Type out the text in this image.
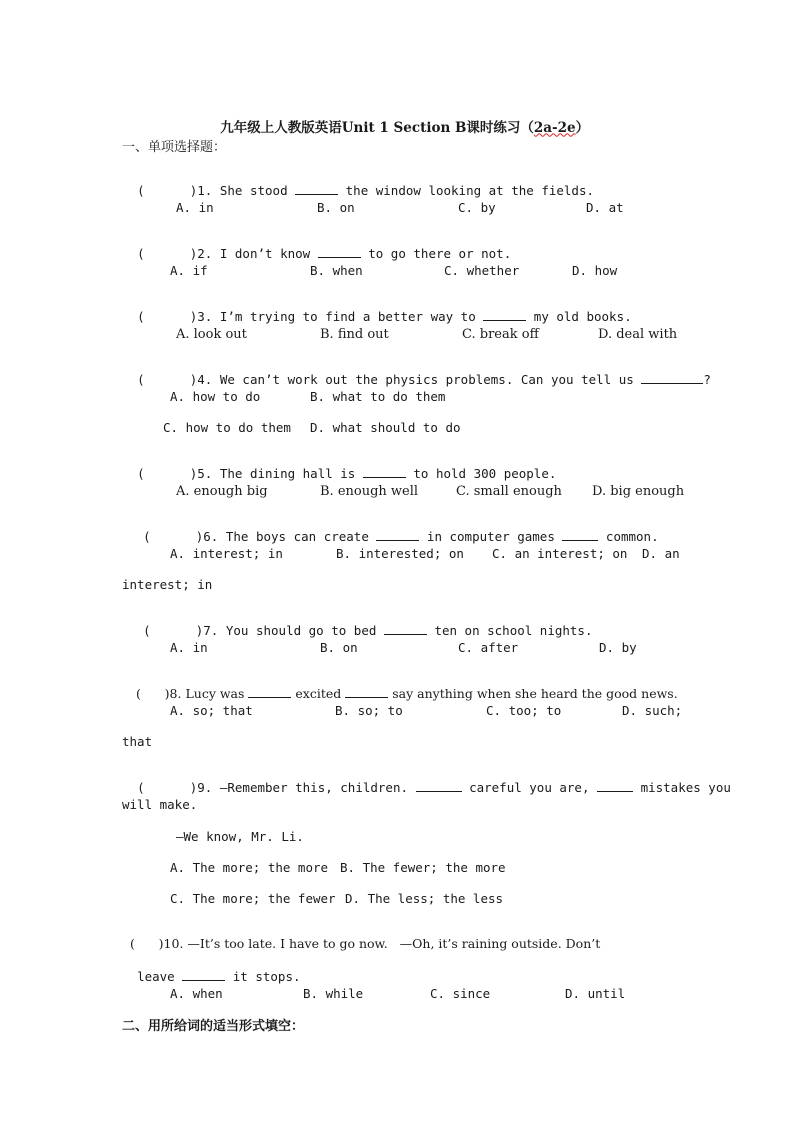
九年级上人教版英语Unit 1 Section B课时练习（2a-2e）

一、单项选择题：

(      )1. She stood	the window looking at the fields.

A. in	B. on	C. by	D. at

(      )2. I don’t know	to go there or not.

A. if	B. when	C. whether	D. how

(      )3. I’m trying to find a better way to	my old books.

A. look out	B. find out	C. break off	D. deal with

(      )4. We can’t work out the physics problems. Can you tell us	?

A. how to do	B. what to do them
C. how to do them D. what should to do

(      )5. The dining hall is	to hold 300 people.

A. enough big	B. enough well	C. small enough D. big enough

(      )6. The boys can create	in computer games	common.

A. interest; in	B. interested; on C. an interest; on D. an
interest; in

(      )7. You should go to bed	ten on school nights.

A. in	B. on	C. after	D. by

(      )8. Lucy was	excited	say anything when she heard the good news.

A. so; that	B. so; to	C. too; to	D. such;
that

(      )9. —Remember this, children.	careful you are,	mistakes you

will make.
—We know, Mr. Li.
A. The more; the more B. The fewer; the more
C. The more; the fewer D. The less; the less

(      )10. —It’s too late. I have to go now.   —Oh, it’s raining outside. Don’t

leave	it stops.

A. when	B. while	C. since	D. until
二、用所给词的适当形式填空：
